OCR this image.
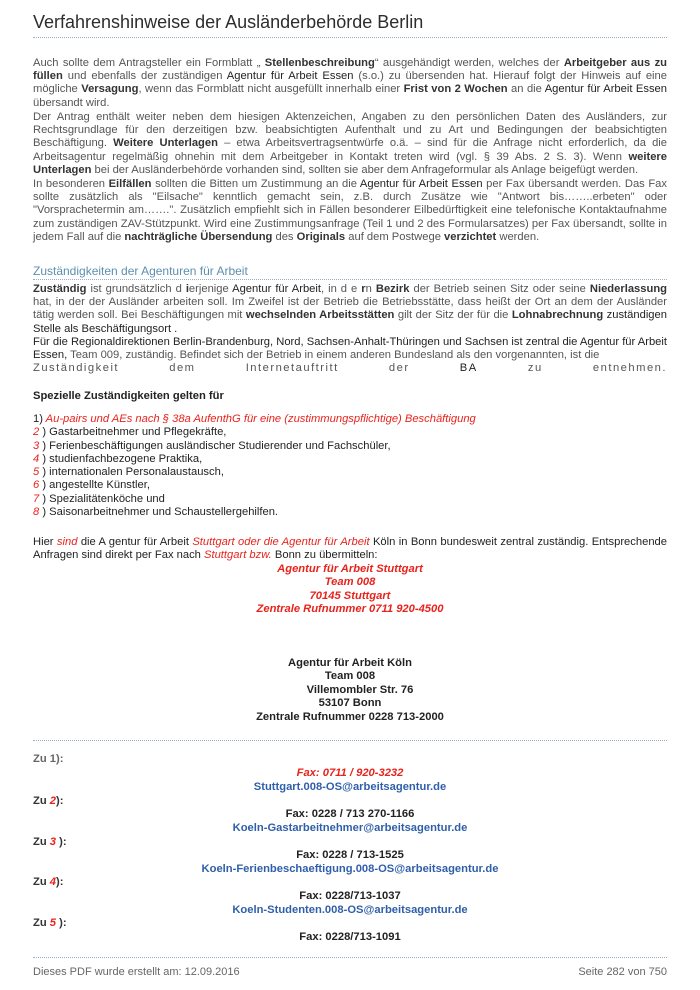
Verfahrenshinweise der Ausländerbehörde Berlin
Auch sollte dem Antragsteller ein Formblatt „ Stellenbeschreibung“ ausgehändigt werden, welches der Arbeitgeber aus zu füllen und ebenfalls der zuständigen Agentur für Arbeit Essen (s.o.) zu übersenden hat. Hierauf folgt der Hinweis auf eine mögliche Versagung, wenn das Formblatt nicht ausgefüllt innerhalb einer Frist von 2 Wochen an die Agentur für Arbeit Essen übersandt wird.
Der Antrag enthält weiter neben dem hiesigen Aktenzeichen, Angaben zu den persönlichen Daten des Ausländers, zur Rechtsgrundlage für den derzeitigen bzw. beabsichtigten Aufenthalt und zu Art und Bedingungen der beabsichtigten Beschäftigung. Weitere Unterlagen – etwa Arbeitsvertragsentwürfe o.ä. – sind für die Anfrage nicht erforderlich, da die Arbeitsagentur regelmäßig ohnehin mit dem Arbeitgeber in Kontakt treten wird (vgl. § 39 Abs. 2 S. 3). Wenn weitere Unterlagen bei der Ausländerbehörde vorhanden sind, sollten sie aber dem Anfrageformular als Anlage beigefügt werden.
In besonderen Eilfällen sollten die Bitten um Zustimmung an die Agentur für Arbeit Essen per Fax übersandt werden. Das Fax sollte zusätzlich als "Eilsache" kenntlich gemacht sein, z.B. durch Zusätze wie "Antwort bis……..erbeten" oder "Vorsprachetermin am…….". Zusätzlich empfiehlt sich in Fällen besonderer Eilbedürftigkeit eine telefonische Kontaktaufnahme zum zuständigen ZAV-Stützpunkt. Wird eine Zustimmungsanfrage (Teil 1 und 2 des Formularsatzes) per Fax übersandt, sollte in jedem Fall auf die nachträgliche Übersendung des Originals auf dem Postwege verzichtet werden.
Zuständigkeiten der Agenturen für Arbeit
Zuständig ist grundsätzlich d ierjenige Agentur für Arbeit, in d e rn Bezirk der Betrieb seinen Sitz oder seine Niederlassung hat, in der der Ausländer arbeiten soll. Im Zweifel ist der Betrieb die Betriebsstätte, dass heißt der Ort an dem der Ausländer tätig werden soll. Bei Beschäftigungen mit wechselnden Arbeitsstätten gilt der Sitz der für die Lohnabrechnung zuständigen Stelle als Beschäftigungsort .
Für die Regionaldirektionen Berlin-Brandenburg, Nord, Sachsen-Anhalt-Thüringen und Sachsen ist zentral die Agentur für Arbeit Essen, Team 009, zuständig. Befindet sich der Betrieb in einem anderen Bundesland als den vorgenannten, ist die
Zuständigkeit	dem	Internetauftritt	der	BA	zu	entnehmen.
Spezielle Zuständigkeiten gelten für
1) Au-pairs und AEs nach § 38a AufenthG für eine (zustimmungspflichtige) Beschäftigung
2 ) Gastarbeitnehmer und Pflegekräfte,
3 ) Ferienbeschäftigungen ausländischer Studierender und Fachschüler,
4 ) studienfachbezogene Praktika,
5 ) internationalen Personalaustausch,
6 ) angestellte Künstler,
7 ) Spezialitätenköche und
8 ) Saisonarbeitnehmer und Schaustellergehilfen.
Hier sind die A gentur für Arbeit Stuttgart oder die Agentur für Arbeit Köln in Bonn bundesweit zentral zuständig. Entsprechende Anfragen sind direkt per Fax nach Stuttgart bzw. Bonn zu übermitteln:
Agentur für Arbeit Stuttgart
Team 008
70145 Stuttgart
Zentrale Rufnummer 0711 920-4500
Agentur für Arbeit Köln
Team 008
Villemombler Str. 76
53107 Bonn
Zentrale Rufnummer 0228 713-2000
Zu 1):
Fax: 0711 / 920-3232
Stuttgart.008-OS@arbeitsagentur.de
Zu 2):
Fax: 0228 / 713 270-1166
Koeln-Gastarbeitnehmer@arbeitsagentur.de
Zu 3 ):
Fax: 0228 / 713-1525
Koeln-Ferienbeschaeftigung.008-OS@arbeitsagentur.de
Zu 4):
Fax: 0228/713-1037
Koeln-Studenten.008-OS@arbeitsagentur.de
Zu 5 ):
Fax: 0228/713-1091
Dieses PDF wurde erstellt am: 12.09.2016	Seite 282 von 750
